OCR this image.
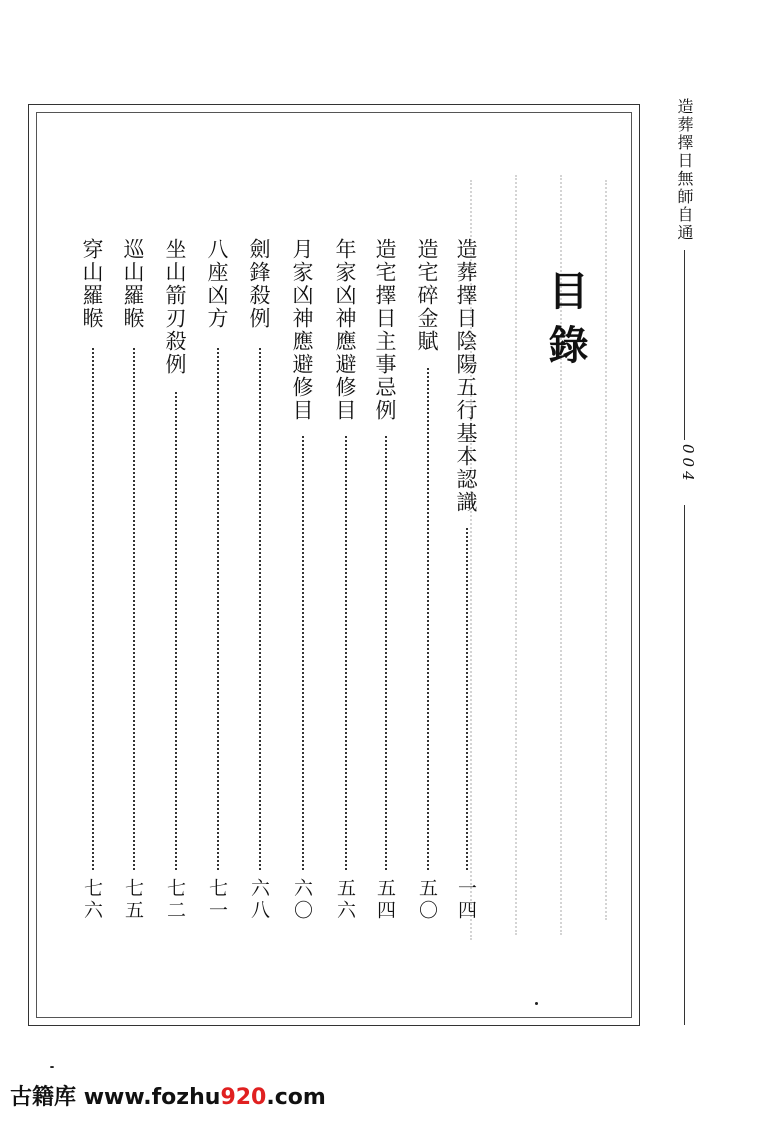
造葬擇日無師自通
004
目錄
造葬擇日陰陽五行基本認識
一四
造宅碎金賦
五〇
造宅擇日主事忌例
五四
年家凶神應避修目
五六
月家凶神應避修目
六〇
劍鋒殺例
六八
八座凶方
七一
坐山箭刃殺例
七二
巡山羅睺
七五
穿山羅睺
七六
古籍库 www.fozhu920.com
